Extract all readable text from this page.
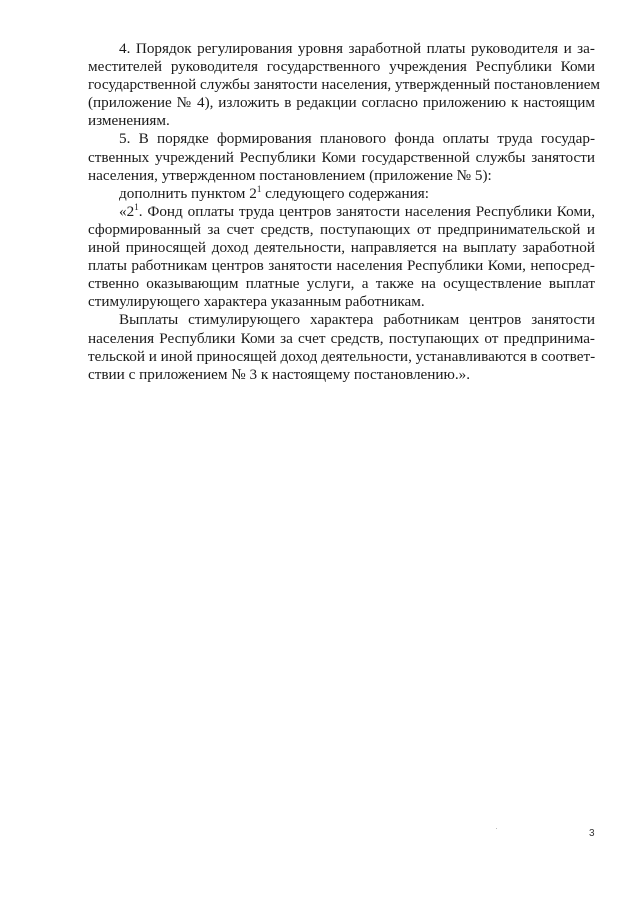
4. Порядок регулирования уровня заработной платы руководителя и за-
местителей руководителя государственного учреждения Республики Коми
государственной службы занятости населения, утвержденный постановлением
(приложение № 4), изложить в редакции согласно приложению к настоящим
изменениям.
5. В порядке формирования планового фонда оплаты труда государ-
ственных учреждений Республики Коми государственной службы занятости
населения, утвержденном постановлением (приложение № 5):
дополнить пунктом $2^1$ следующего содержания:
«$2^1$. Фонд оплаты труда центров занятости населения Республики Коми,
сформированный за счет средств, поступающих от предпринимательской и
иной приносящей доход деятельности, направляется на выплату заработной
платы работникам центров занятости населения Республики Коми, непосред-
ственно оказывающим платные услуги, а также на осуществление выплат
стимулирующего характера указанным работникам.
Выплаты стимулирующего характера работникам центров занятости
населения Республики Коми за счет средств, поступающих от предпринима-
тельской и иной приносящей доход деятельности, устанавливаются в соответ-
ствии с приложением № 3 к настоящему постановлению.».
3
